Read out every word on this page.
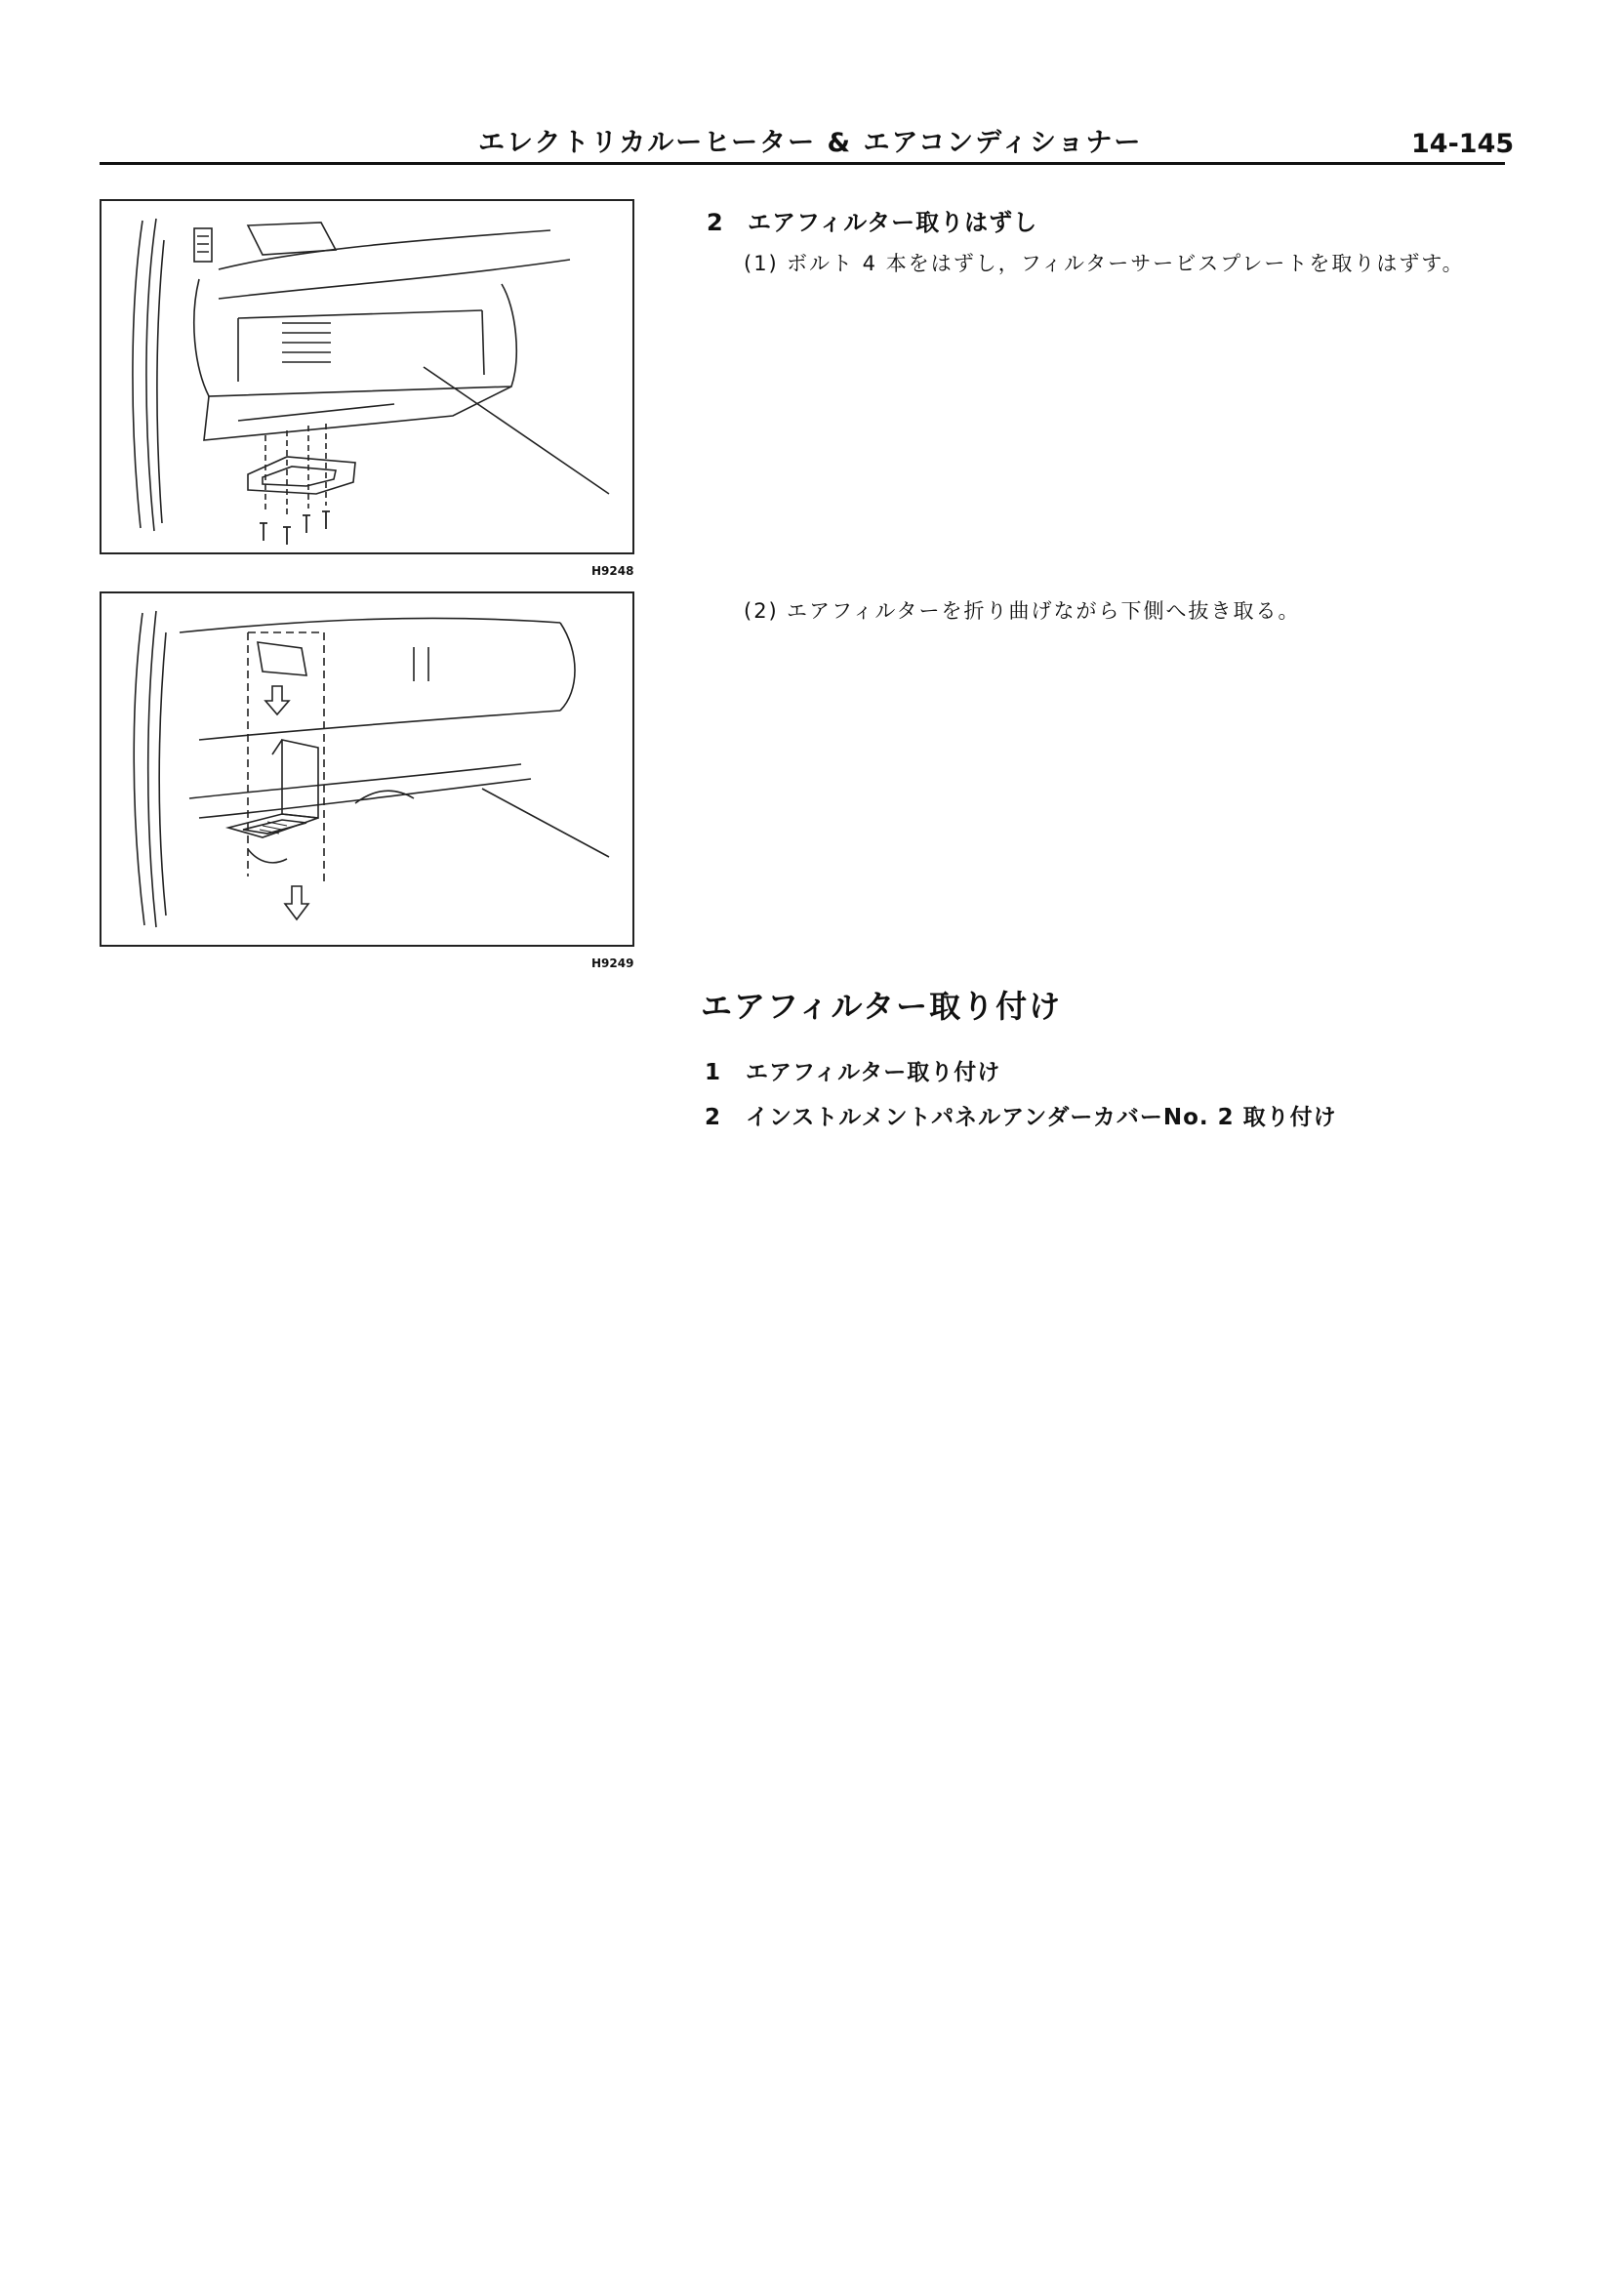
エレクトリカルーヒーター & エアコンディショナー	14-145
H9248
H9249
2 エアフィルター取りはずし
(1) ボルト 4 本をはずし，フィルターサービスプレートを取りはずす。
(2) エアフィルターを折り曲げながら下側へ抜き取る。
エアフィルター取り付け
1 エアフィルター取り付け
2 インストルメントパネルアンダーカバーNo. 2 取り付け
